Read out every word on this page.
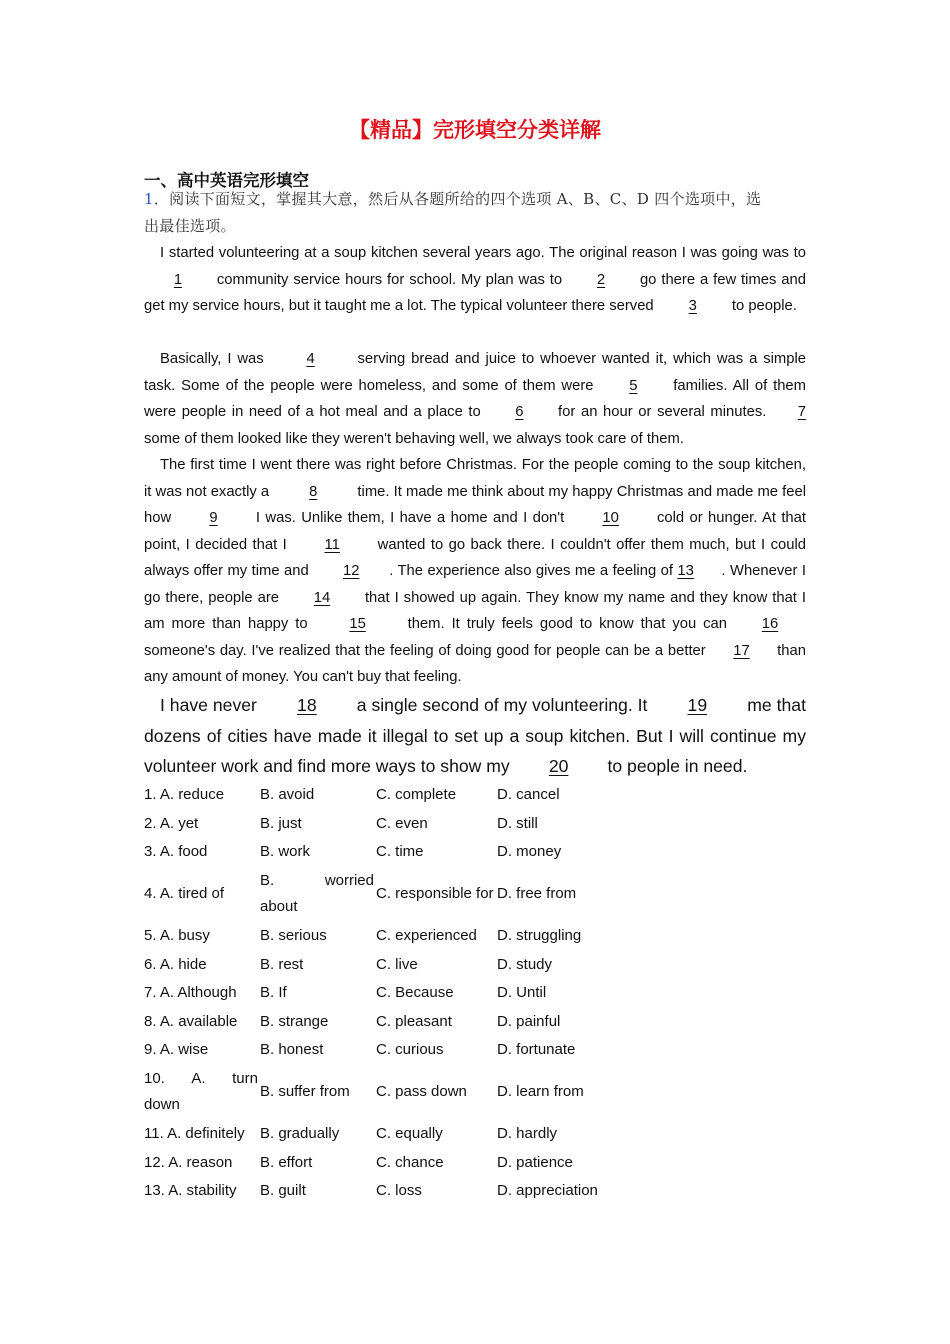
【精品】完形填空分类详解
一、高中英语完形填空
1．阅读下面短文，掌握其大意，然后从各题所给的四个选项 A、B、C、D 四个选项中，选
出最佳选项。

I started volunteering at a soup kitchen several years ago. The original reason I was going was to 1 community service hours for school. My plan was to 2 go there a few times and get my service hours, but it taught me a lot. The typical volunteer there served 3 to people.

Basically, I was 4 serving bread and juice to whoever wanted it, which was a simple task. Some of the people were homeless, and some of them were 5 families. All of them were people in need of a hot meal and a place to 6 for an hour or several minutes. 7 some of them looked like they weren't behaving well, we always took care of them.

The first time I went there was right before Christmas. For the people coming to the soup kitchen, it was not exactly a 8 time. It made me think about my happy Christmas and made me feel how 9 I was. Unlike them, I have a home and I don't 10 cold or hunger. At that point, I decided that I 11 wanted to go back there. I couldn't offer them much, but I could always offer my time and 12 . The experience also gives me a feeling of 13 . Whenever I go there, people are 14 that I showed up again. They know my name and they know that I am more than happy to 15 them. It truly feels good to know that you can 16 someone's day. I've realized that the feeling of doing good for people can be a better 17 than any amount of money. You can't buy that feeling.

I have never 18 a single second of my volunteering. It 19 me that dozens of cities have made it illegal to set up a soup kitchen. But I will continue my volunteer work and find more ways to show my 20 to people in need.

1. A. reduce	B. avoid	C. complete	D. cancel
2. A. yet	B. just	C. even	D. still
3. A. food	B. work	C. time	D. money
4. A. tired of	B. worried
about	C. responsible for	D. free from
5. A. busy	B. serious	C. experienced	D. struggling
6. A. hide	B. rest	C. live	D. study
7. A. Although	B. If	C. Because	D. Until
8. A. available	B. strange	C. pleasant	D. painful
9. A. wise	B. honest	C. curious	D. fortunate

10. A. turn
down	B. suffer from	C. pass down	D. learn from
11. A. definitely	B. gradually	C. equally	D. hardly
12. A. reason	B. effort	C. chance	D. patience
13. A. stability	B. guilt	C. loss	D. appreciation
